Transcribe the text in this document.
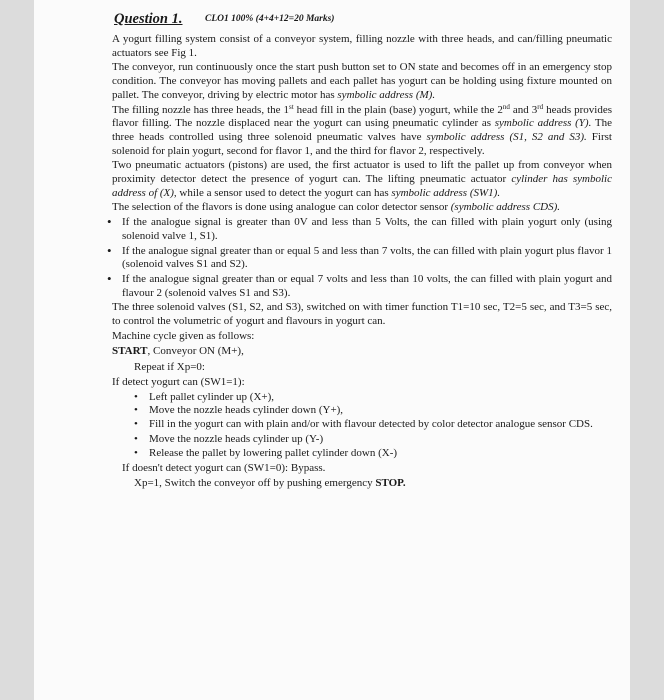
Question 1. CLO1 100% (4+4+12=20 Marks)

A yogurt filling system consist of a conveyor system, filling nozzle with three heads, and can/filling pneumatic actuators see Fig 1.

The conveyor, run continuously once the start push button set to ON state and becomes off in an emergency stop condition. The conveyor has moving pallets and each pallet has yogurt can be holding using fixture mounted on pallet. The conveyor, driving by electric motor has symbolic address (M).

The filling nozzle has three heads, the 1st head fill in the plain (base) yogurt, while the 2nd and 3rd heads provides flavor filling. The nozzle displaced near the yogurt can using pneumatic cylinder as symbolic address (Y). The three heads controlled using three solenoid pneumatic valves have symbolic address (S1, S2 and S3). First solenoid for plain yogurt, second for flavor 1, and the third for flavor 2, respectively.

Two pneumatic actuators (pistons) are used, the first actuator is used to lift the pallet up from conveyor when proximity detector detect the presence of yogurt can. The lifting pneumatic actuator cylinder has symbolic address of (X), while a sensor used to detect the yogurt can has symbolic address (SW1).

The selection of the flavors is done using analogue can color detector sensor (symbolic address CDS).

• If the analogue signal is greater than 0V and less than 5 Volts, the can filled with plain yogurt only (using solenoid valve 1, S1).

• If the analogue signal greater than or equal 5 and less than 7 volts, the can filled with plain yogurt plus flavor 1 (solenoid valves S1 and S2).

• If the analogue signal greater than or equal 7 volts and less than 10 volts, the can filled with plain yogurt and flavour 2 (solenoid valves S1 and S3).

The three solenoid valves (S1, S2, and S3), switched on with timer function T1=10 sec, T2=5 sec, and T3=5 sec, to control the volumetric of yogurt and flavours in yogurt can.

Machine cycle given as follows:

START, Conveyor ON (M+),

Repeat if Xp=0:

If detect yogurt can (SW1=1):

• Left pallet cylinder up (X+),
• Move the nozzle heads cylinder down (Y+),
• Fill in the yogurt can with plain and/or with flavour detected by color detector analogue sensor CDS.
• Move the nozzle heads cylinder up (Y-)
• Release the pallet by lowering pallet cylinder down (X-)

If doesn't detect yogurt can (SW1=0): Bypass.

Xp=1, Switch the conveyor off by pushing emergency STOP.
